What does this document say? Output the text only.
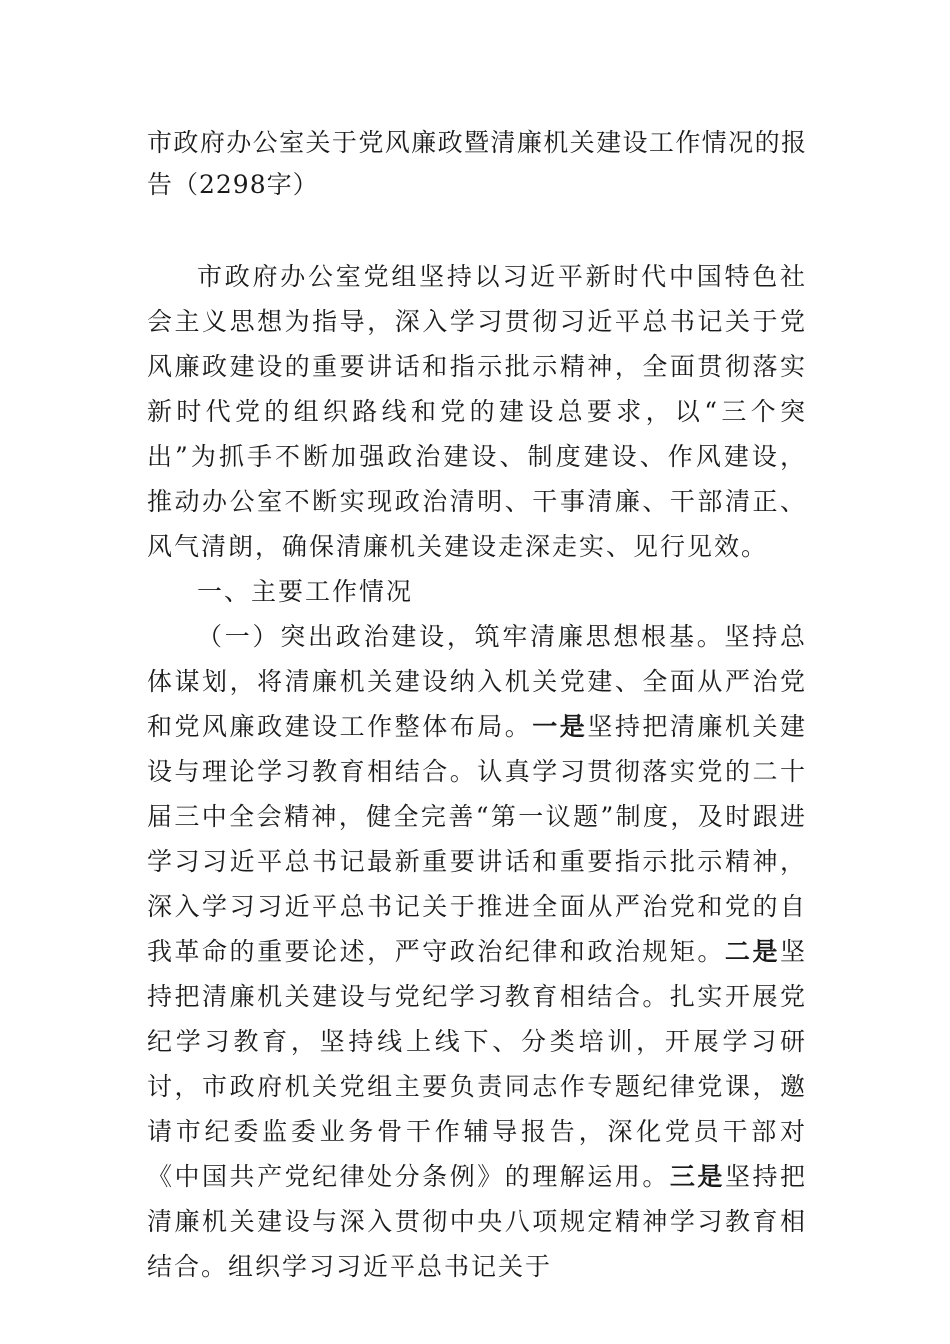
市政府办公室关于党风廉政暨清廉机关建设工作情况的报告（2298字）

市政府办公室党组坚持以习近平新时代中国特色社会主义思想为指导，深入学习贯彻习近平总书记关于党风廉政建设的重要讲话和指示批示精神，全面贯彻落实新时代党的组织路线和党的建设总要求，以“三个突出”为抓手不断加强政治建设、制度建设、作风建设，推动办公室不断实现政治清明、干事清廉、干部清正、风气清朗，确保清廉机关建设走深走实、见行见效。

一、主要工作情况

（一）突出政治建设，筑牢清廉思想根基。坚持总体谋划，将清廉机关建设纳入机关党建、全面从严治党和党风廉政建设工作整体布局。一是坚持把清廉机关建设与理论学习教育相结合。认真学习贯彻落实党的二十届三中全会精神，健全完善“第一议题”制度，及时跟进学习习近平总书记最新重要讲话和重要指示批示精神，深入学习习近平总书记关于推进全面从严治党和党的自我革命的重要论述，严守政治纪律和政治规矩。二是坚持把清廉机关建设与党纪学习教育相结合。扎实开展党纪学习教育，坚持线上线下、分类培训，开展学习研讨，市政府机关党组主要负责同志作专题纪律党课，邀请市纪委监委业务骨干作辅导报告，深化党员干部对《中国共产党纪律处分条例》的理解运用。三是坚持把清廉机关建设与深入贯彻中央八项规定精神学习教育相结合。组织学习习近平总书记关于
